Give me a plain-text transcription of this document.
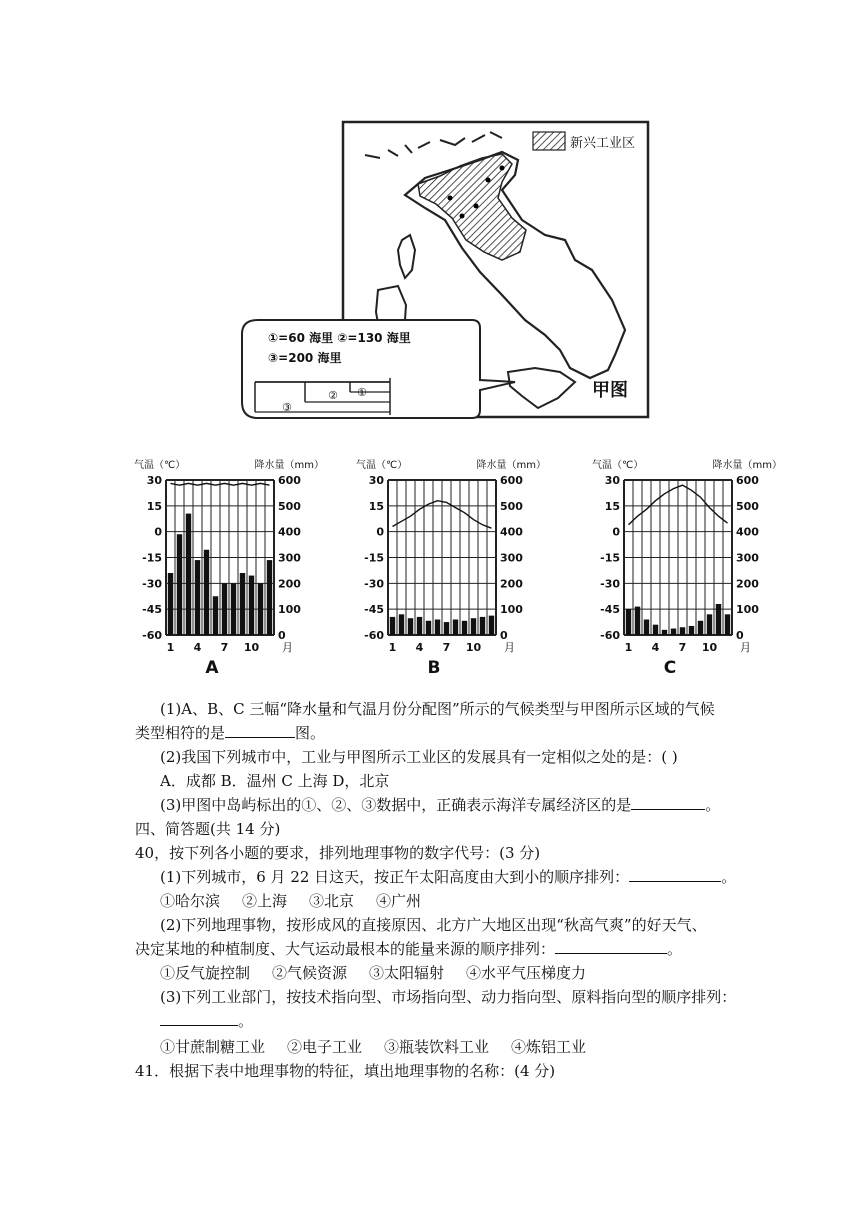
新兴工业区
甲图
①=60 海里 ②=130 海里
③=200 海里
①
②
③
气温（℃）	降水量（mm）
30
15
0
-15
-30
-45
-60
600
500
400
300
200
100
0
1 4 7 10 月
A
气温（℃）	降水量（mm）
30
15
0
-15
-30
-45
-60
600
500
400
300
200
100
0
1 4 7 10 月
B
气温（℃）	降水量（mm）
30
15
0
-15
-30
-45
-60
600
500
400
300
200
100
0
1 4 7 10 月
C
(1)A、B、C 三幅“降水量和气温月份分配图”所示的气候类型与甲图所示区域的气候
类型相符的是	图。
(2)我国下列城市中，工业与甲图所示工业区的发展具有一定相似之处的是：( )
A．成都 B．温州 C 上海 D，北京
(3)甲图中岛屿标出的①、②、③数据中，正确表示海洋专属经济区的是	。
四、简答题(共 14 分)
40，按下列各小题的要求，排列地理事物的数字代号：(3 分)
(1)下列城市，6 月 22 日这天，按正午太阳高度由大到小的顺序排列：	。
①哈尔滨 ②上海 ③北京 ④广州
(2)下列地理事物，按形成风的直接原因、北方广大地区出现“秋高气爽”的好天气、
决定某地的种植制度、大气运动最根本的能量来源的顺序排列：	。
①反气旋控制 ②气候资源 ③太阳辐射 ④水平气压梯度力
(3)下列工业部门，按技术指向型、市场指向型、动力指向型、原料指向型的顺序排列：
。
①甘蔗制糖工业 ②电子工业 ③瓶装饮料工业 ④炼铝工业
41．根据下表中地理事物的特征，填出地理事物的名称：(4 分)
